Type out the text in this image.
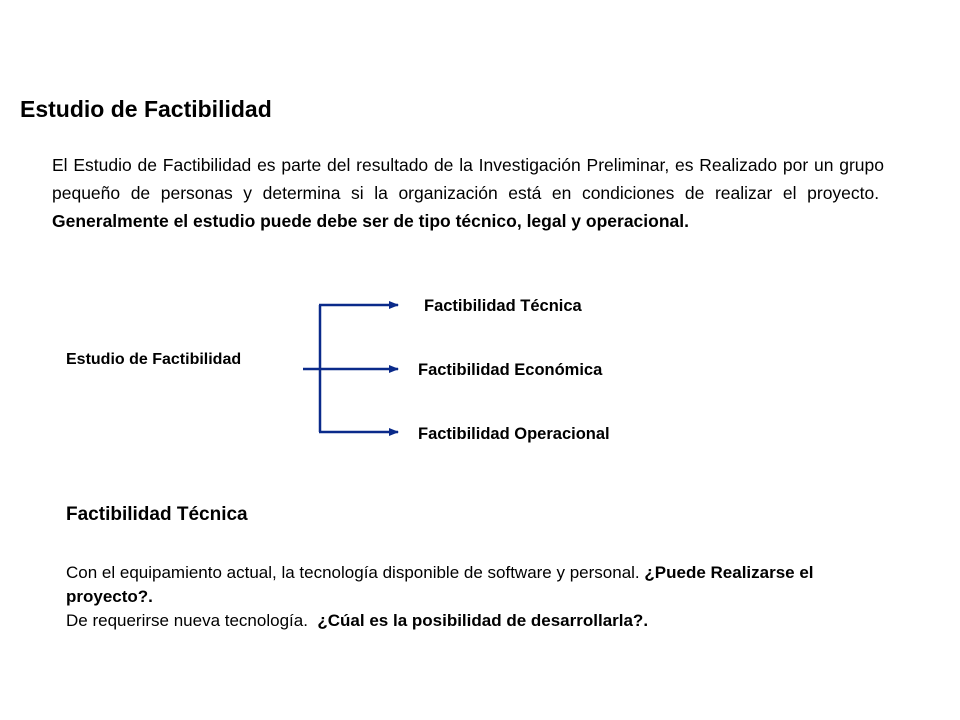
Estudio de Factibilidad

El Estudio de Factibilidad es parte del resultado de la Investigación Preliminar, es Realizado por un grupo pequeño de personas y determina si la organización está en condiciones de realizar el proyecto.  Generalmente el estudio puede debe ser de tipo técnico, legal y operacional.

Estudio de Factibilidad
Factibilidad Técnica
Factibilidad Económica
Factibilidad Operacional
Factibilidad Técnica

Con el equipamiento actual, la tecnología disponible de software y personal. ¿Puede Realizarse el proyecto?.
De requerirse nueva tecnología. ¿Cúal es la posibilidad de desarrollarla?.
